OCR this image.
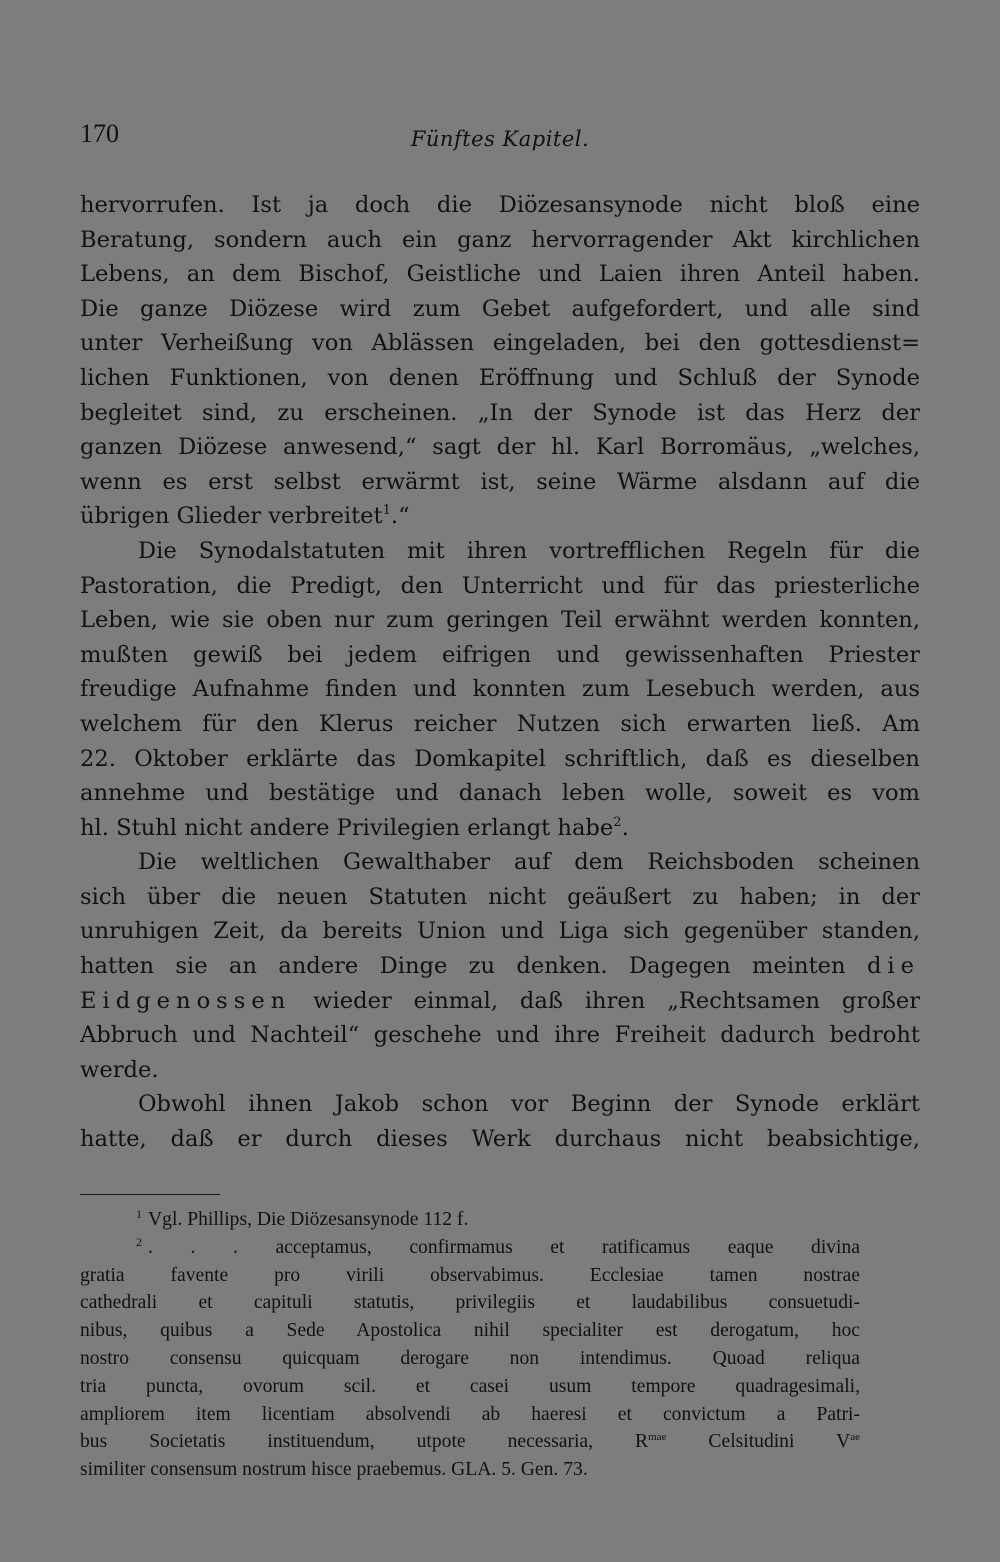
170	Fünftes Kapitel.
hervorrufen. Ist ja doch die Diözesansynode nicht bloß eine
Beratung, sondern auch ein ganz hervorragender Akt kirchlichen
Lebens, an dem Bischof, Geistliche und Laien ihren Anteil haben.
Die ganze Diözese wird zum Gebet aufgefordert, und alle sind
unter Verheißung von Ablässen eingeladen, bei den gottesdienst=
lichen Funktionen, von denen Eröffnung und Schluß der Synode
begleitet sind, zu erscheinen. „In der Synode ist das Herz der
ganzen Diözese anwesend,“ sagt der hl. Karl Borromäus, „welches,
wenn es erst selbst erwärmt ist, seine Wärme alsdann auf die
übrigen Glieder verbreitet$^1$.“
Die Synodalstatuten mit ihren vortrefflichen Regeln für die
Pastoration, die Predigt, den Unterricht und für das priesterliche
Leben, wie sie oben nur zum geringen Teil erwähnt werden konnten,
mußten gewiß bei jedem eifrigen und gewissenhaften Priester
freudige Aufnahme finden und konnten zum Lesebuch werden, aus
welchem für den Klerus reicher Nutzen sich erwarten ließ. Am
22. Oktober erklärte das Domkapitel schriftlich, daß es dieselben
annehme und bestätige und danach leben wolle, soweit es vom
hl. Stuhl nicht andere Privilegien erlangt habe$^2$.
Die weltlichen Gewalthaber auf dem Reichsboden scheinen
sich über die neuen Statuten nicht geäußert zu haben; in der
unruhigen Zeit, da bereits Union und Liga sich gegenüber standen,
hatten sie an andere Dinge zu denken. Dagegen meinten die
Eidgenossen wieder einmal, daß ihren „Rechtsamen großer
Abbruch und Nachteil“ geschehe und ihre Freiheit dadurch bedroht
werde.
Obwohl ihnen Jakob schon vor Beginn der Synode erklärt
hatte, daß er durch dieses Werk durchaus nicht beabsichtige,
$^1$ Vgl. Phillips, Die Diözesansynode 112 f.
$^2$ . . . acceptamus, confirmamus et ratificamus eaque divina
gratia favente pro virili observabimus. Ecclesiae tamen nostrae
cathedrali et capituli statutis, privilegiis et laudabilibus consuetudi-
nibus, quibus a Sede Apostolica nihil specialiter est derogatum, hoc
nostro consensu quicquam derogare non intendimus. Quoad reliqua
tria puncta, ovorum scil. et casei usum tempore quadragesimali,
ampliorem item licentiam absolvendi ab haeresi et convictum a Patri-
bus Societatis instituendum, utpote necessaria, R$^{mae}$ Celsitudini V$^{ae}$
similiter consensum nostrum hisce praebemus. GLA. 5. Gen. 73.
